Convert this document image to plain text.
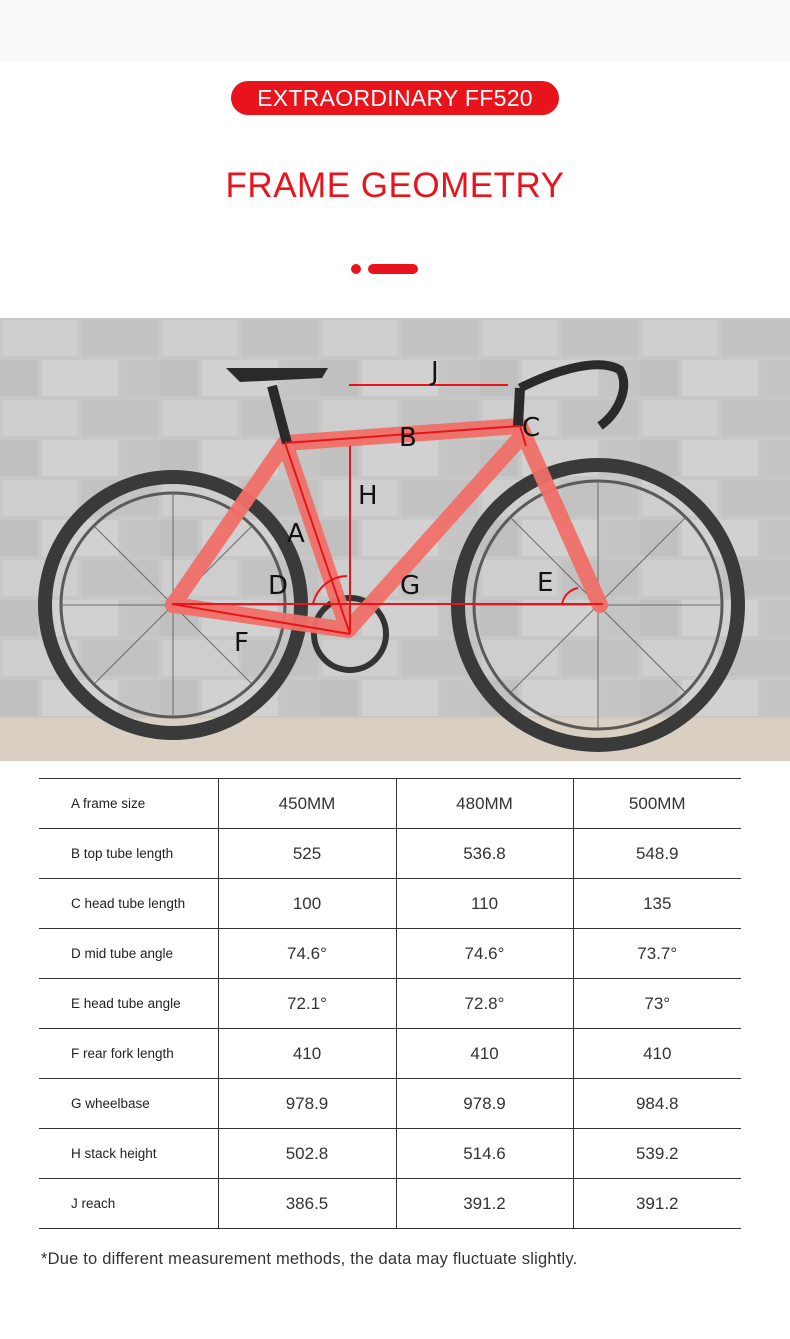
EXTRAORDINARY FF520
FRAME GEOMETRY
J
B	C
H
A
D	G	E
F
A frame size	450MM	480MM	500MM
B top tube length	525	536.8	548.9
C head tube length	100	110	135
D mid tube angle	74.6°	74.6°	73.7°
E head tube angle	72.1°	72.8°	73°
F rear fork length	410	410	410
G wheelbase	978.9	978.9	984.8
H stack height	502.8	514.6	539.2
J reach	386.5	391.2	391.2
*Due to different measurement methods, the data may fluctuate slightly.
